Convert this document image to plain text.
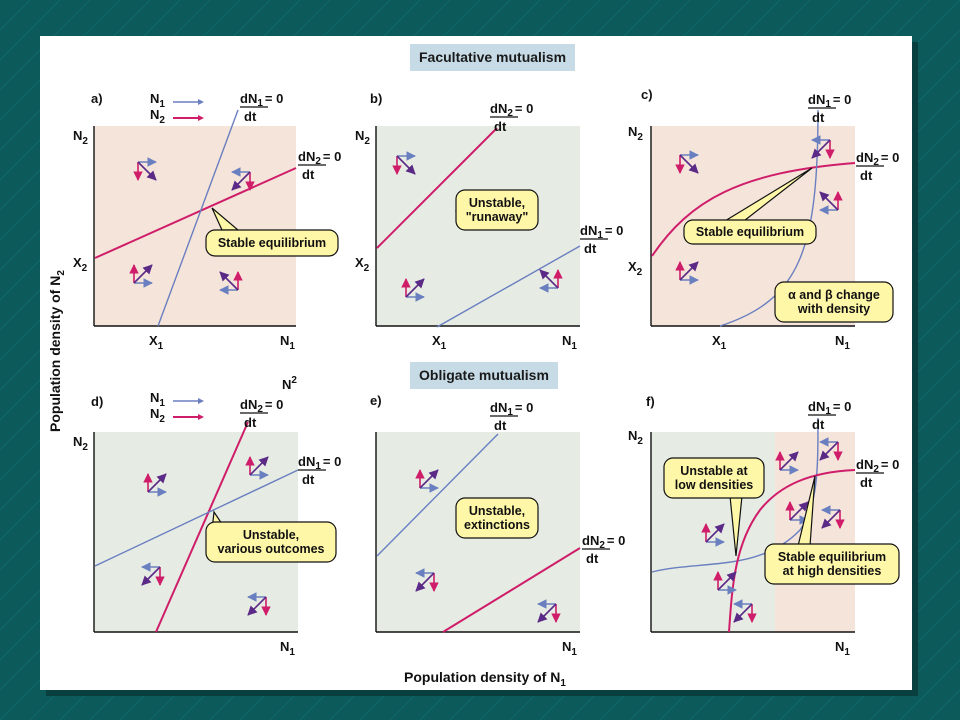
Stable equilibrium
Unstable,
"runaway"
Stable equilibrium
α and β change
with density
Unstable,
various outcomes
Unstable,
extinctions
Unstable at
low densities
Stable equilibrium
at high densities
a)
$N_2$
$X_2$
$X_1$	$N_1$
$dN_1 = 0$
dt
$dN_2 = 0$
dt
$N_1$
$N_2$
b)
$N_2$
$X_2$
$X_1$	$N_1$
$dN_2 = 0$
dt
$dN_1 = 0$
dt
c)
$N_2$
$X_2$
$X_1$	$N_1$
$dN_1 = 0$
dt
$dN_2 = 0$
dt
d)
$N_2$
$N_1$
$dN_2 = 0$
dt
$dN_1 = 0$
dt
$N_1$
$N_2$
$N^2$
e)
$N_1$
$dN_1 = 0$
dt
$dN_2 = 0$
dt
f)
$N_2$
$N_1$
$dN_1 = 0$
dt
$dN_2 = 0$
dt
Population density of $N_2$
Population density of $N_1$
Facultative mutualism
Obligate mutualism
